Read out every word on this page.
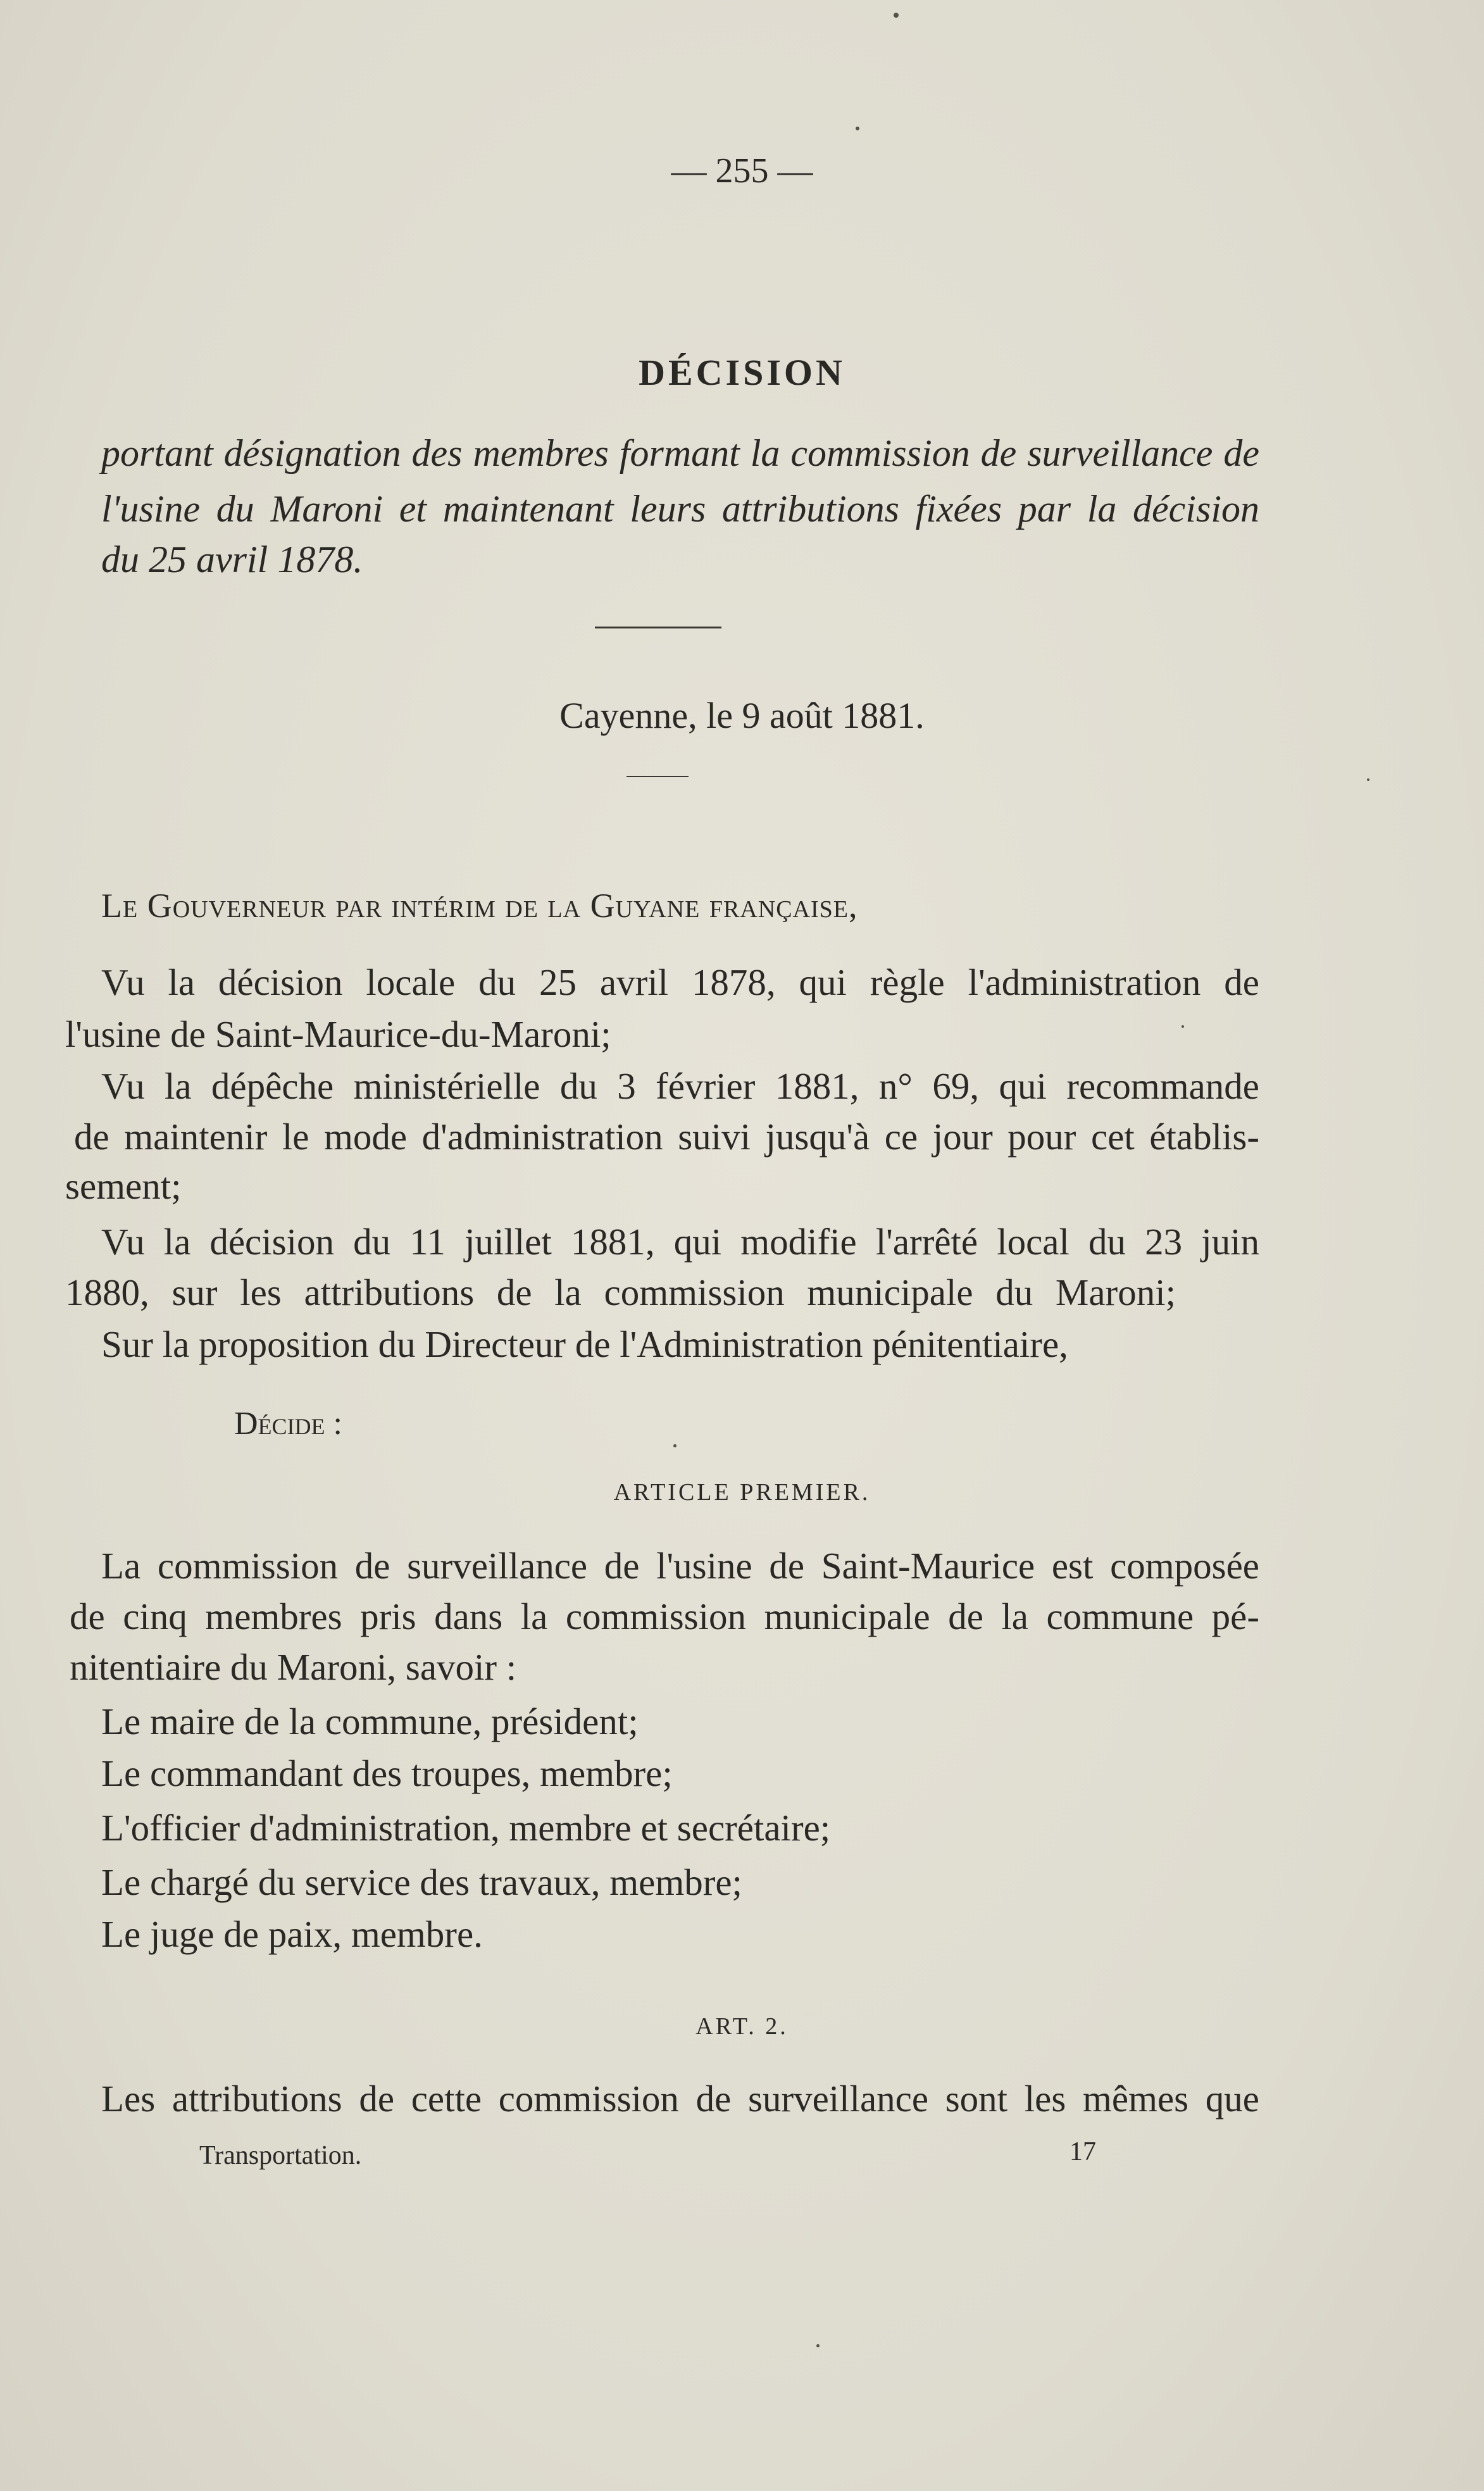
— 255 —
DÉCISION
portant désignation des membres formant la commission de surveillance de
l'usine du Maroni et maintenant leurs attributions fixées par la décision
du 25 avril 1878.
Cayenne, le 9 août 1881.
Le Gouverneur par intérim de la Guyane française,
Vu la décision locale du 25 avril 1878, qui règle l'administration de
l'usine de Saint-Maurice-du-Maroni;
Vu la dépêche ministérielle du 3 février 1881, n° 69, qui recommande
de maintenir le mode d'administration suivi jusqu'à ce jour pour cet établis-
sement;
Vu la décision du 11 juillet 1881, qui modifie l'arrêté local du 23 juin
1880, sur les attributions de la commission municipale du Maroni;
Sur la proposition du Directeur de l'Administration pénitentiaire,
Décide :
ARTICLE PREMIER.
La commission de surveillance de l'usine de Saint-Maurice est composée
de cinq membres pris dans la commission municipale de la commune pé-
nitentiaire du Maroni, savoir :
Le maire de la commune, président;
Le commandant des troupes, membre;
L'officier d'administration, membre et secrétaire;
Le chargé du service des travaux, membre;
Le juge de paix, membre.
ART. 2.
Les attributions de cette commission de surveillance sont les mêmes que
Transportation.	17
